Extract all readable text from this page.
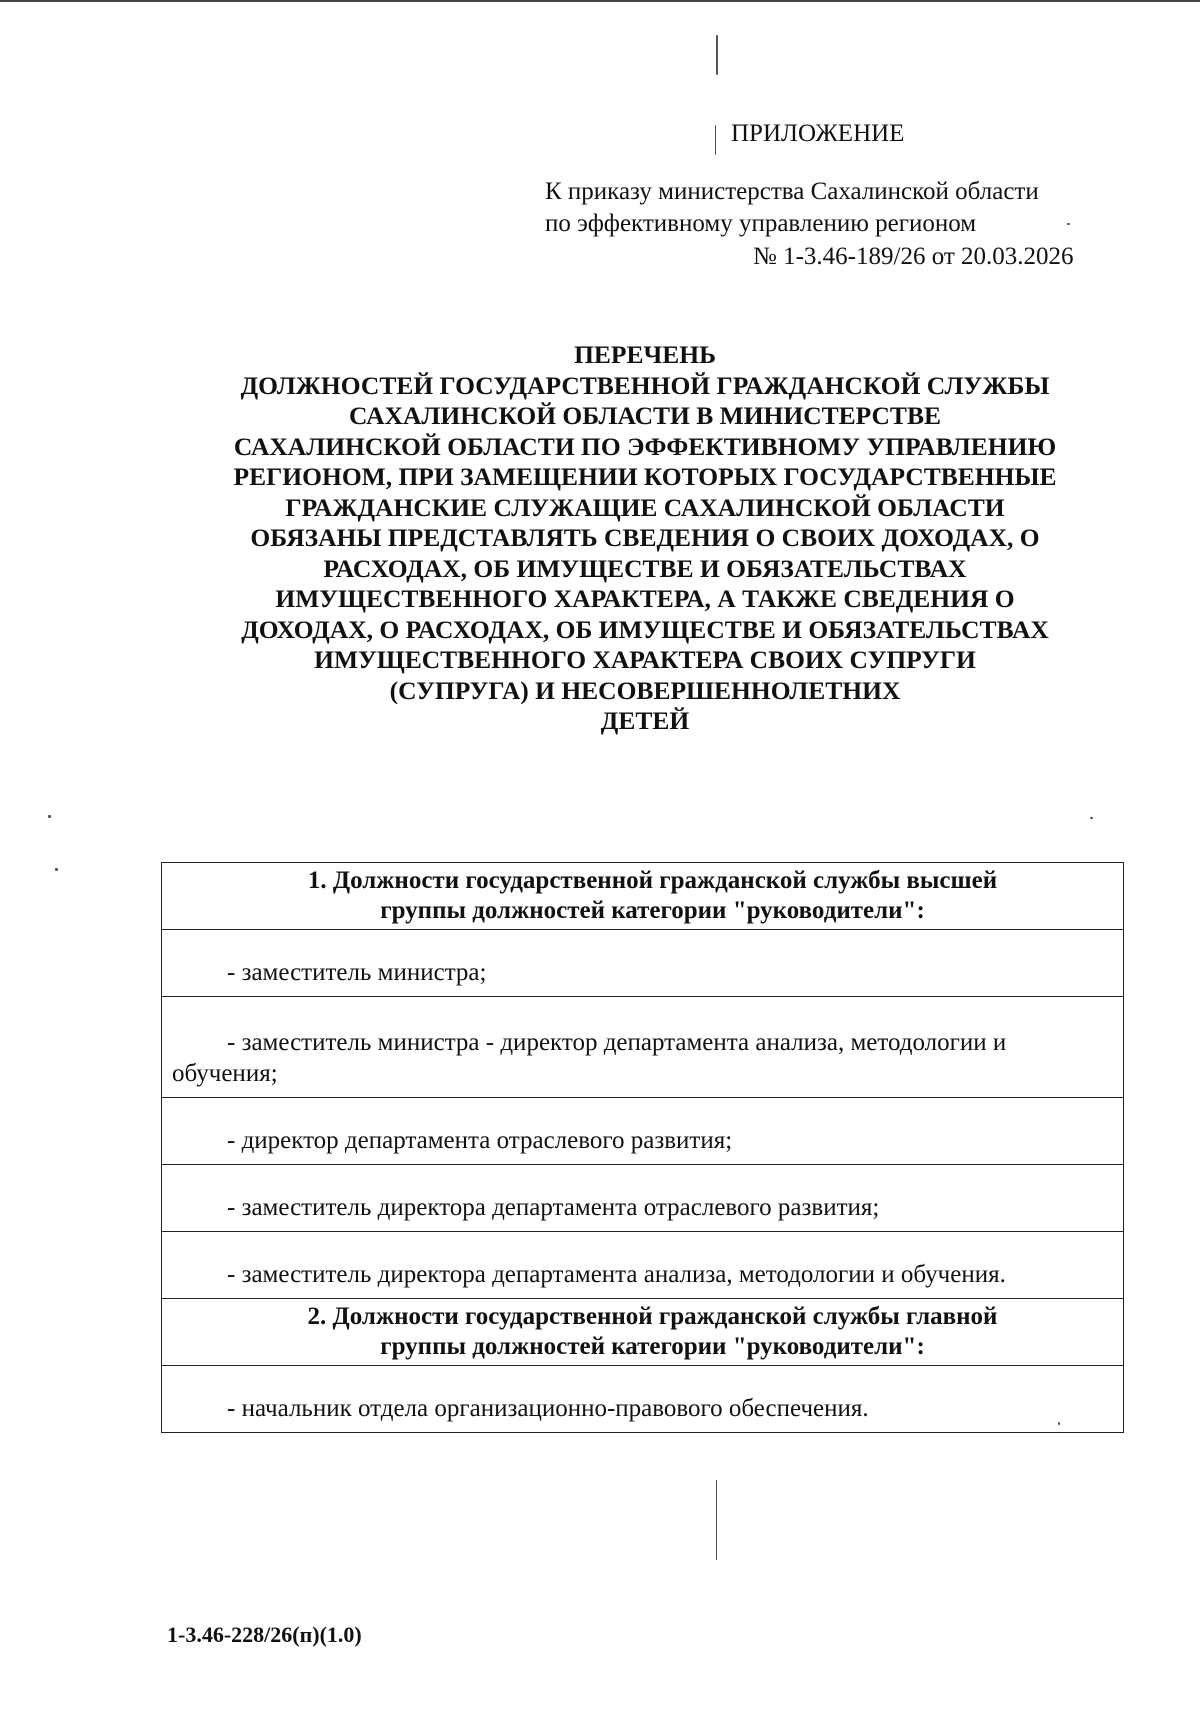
ПРИЛОЖЕНИЕ
К приказу министерства Сахалинской области
по эффективному управлению регионом
№ 1-3.46-189/26 от 20.03.2026
ПЕРЕЧЕНЬ
ДОЛЖНОСТЕЙ ГОСУДАРСТВЕННОЙ ГРАЖДАНСКОЙ СЛУЖБЫ
САХАЛИНСКОЙ ОБЛАСТИ В МИНИСТЕРСТВЕ
САХАЛИНСКОЙ ОБЛАСТИ ПО ЭФФЕКТИВНОМУ УПРАВЛЕНИЮ
РЕГИОНОМ, ПРИ ЗАМЕЩЕНИИ КОТОРЫХ ГОСУДАРСТВЕННЫЕ
ГРАЖДАНСКИЕ СЛУЖАЩИЕ САХАЛИНСКОЙ ОБЛАСТИ
ОБЯЗАНЫ ПРЕДСТАВЛЯТЬ СВЕДЕНИЯ О СВОИХ ДОХОДАХ, О
РАСХОДАХ, ОБ ИМУЩЕСТВЕ И ОБЯЗАТЕЛЬСТВАХ
ИМУЩЕСТВЕННОГО ХАРАКТЕРА, А ТАКЖЕ СВЕДЕНИЯ О
ДОХОДАХ, О РАСХОДАХ, ОБ ИМУЩЕСТВЕ И ОБЯЗАТЕЛЬСТВАХ
ИМУЩЕСТВЕННОГО ХАРАКТЕРА СВОИХ СУПРУГИ
(СУПРУГА) И НЕСОВЕРШЕННОЛЕТНИХ
ДЕТЕЙ
1. Должности государственной гражданской службы высшей
группы должностей категории "руководители":

- заместитель министра;

- заместитель министра - директор департамента анализа, методологии и обучения;

- директор департамента отраслевого развития;

- заместитель директора департамента отраслевого развития;

- заместитель директора департамента анализа, методологии и обучения.

2. Должности государственной гражданской службы главной
группы должностей категории "руководители":

- начальник отдела организационно-правового обеспечения.
1-3.46-228/26(п)(1.0)
